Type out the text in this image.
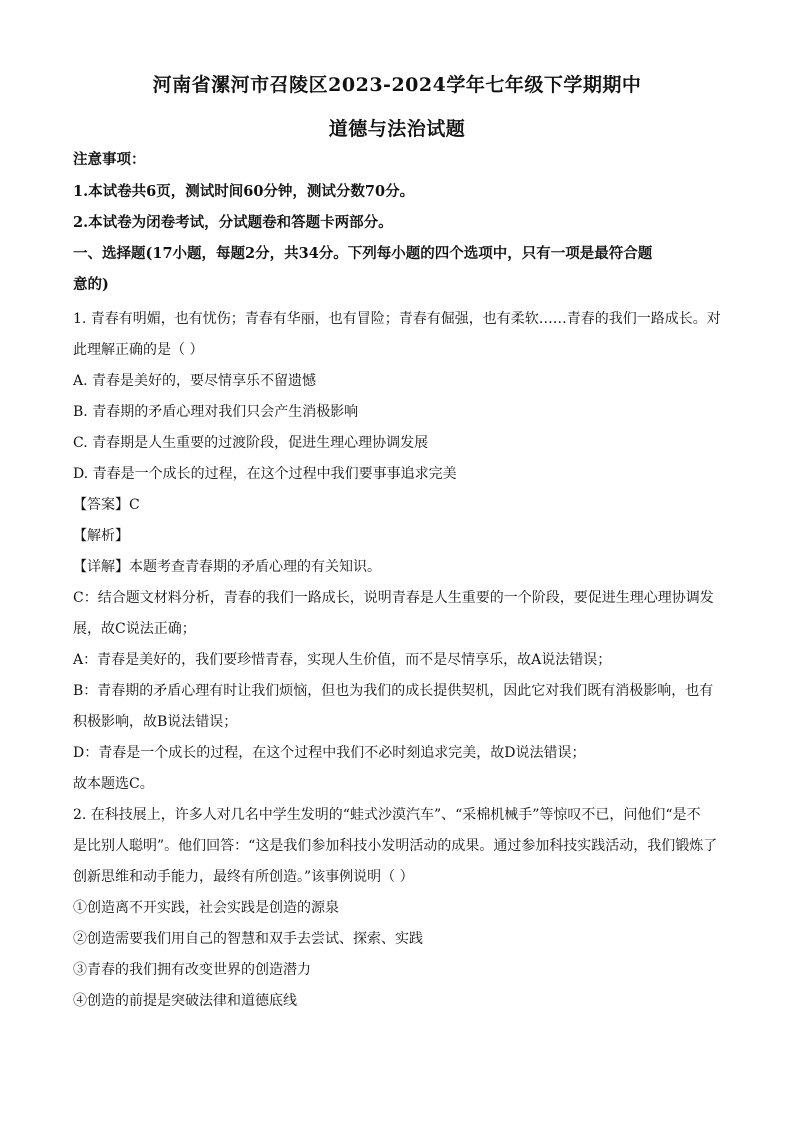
河南省漯河市召陵区2023-2024学年七年级下学期期中
道德与法治试题
注意事项：
1.本试卷共6页，测试时间60分钟，测试分数70分。
2.本试卷为闭卷考试，分试题卷和答题卡两部分。
一、选择题(17小题，每题2分，共34分。下列每小题的四个选项中，只有一项是最符合题
意的)
1. 青春有明媚，也有忧伤；青春有华丽，也有冒险；青春有倔强，也有柔软……青春的我们一路成长。对
此理解正确的是（ ）
A. 青春是美好的，要尽情享乐不留遗憾
B. 青春期的矛盾心理对我们只会产生消极影响
C. 青春期是人生重要的过渡阶段，促进生理心理协调发展
D. 青春是一个成长的过程，在这个过程中我们要事事追求完美
【答案】C
【解析】
【详解】本题考查青春期的矛盾心理的有关知识。
C：结合题文材料分析，青春的我们一路成长，说明青春是人生重要的一个阶段，要促进生理心理协调发
展，故C说法正确；
A：青春是美好的，我们要珍惜青春，实现人生价值，而不是尽情享乐，故A说法错误；
B：青春期的矛盾心理有时让我们烦恼，但也为我们的成长提供契机，因此它对我们既有消极影响，也有
积极影响，故B说法错误；
D：青春是一个成长的过程，在这个过程中我们不必时刻追求完美，故D说法错误；
故本题选C。
2. 在科技展上，许多人对几名中学生发明的“蛙式沙漠汽车”、“采棉机械手”等惊叹不已，问他们“是不
是比别人聪明”。他们回答：“这是我们参加科技小发明活动的成果。通过参加科技实践活动，我们锻炼了
创新思维和动手能力，最终有所创造。”该事例说明（ ）
①创造离不开实践，社会实践是创造的源泉
②创造需要我们用自己的智慧和双手去尝试、探索、实践
③青春的我们拥有改变世界的创造潜力
④创造的前提是突破法律和道德底线
